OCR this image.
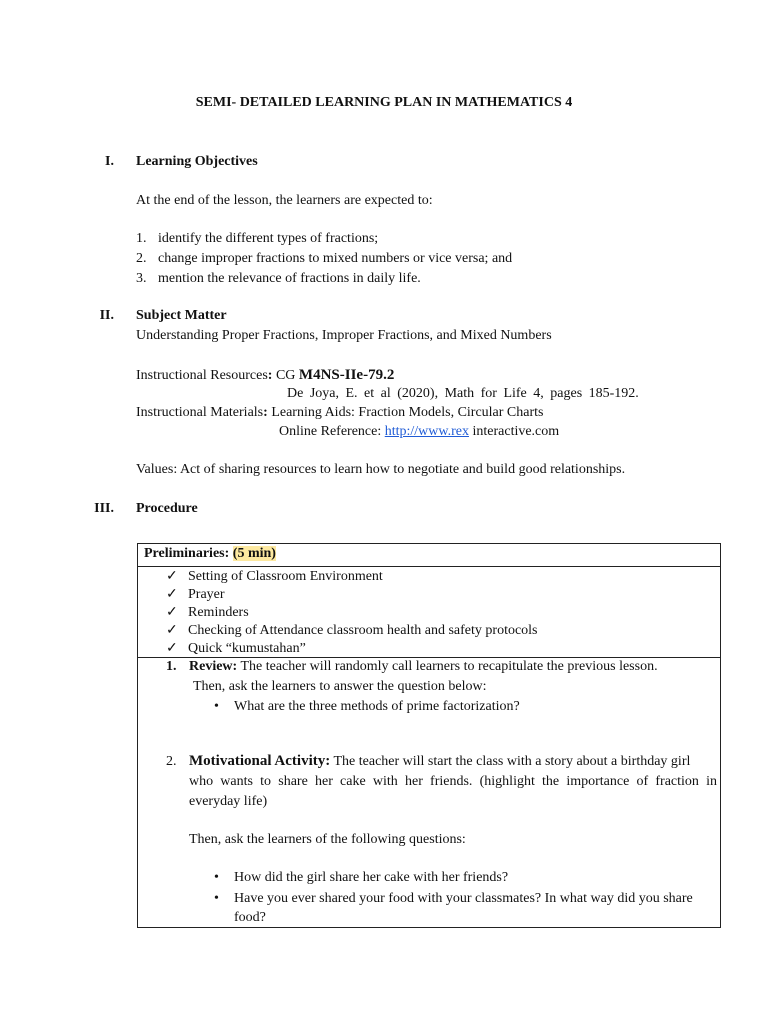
SEMI- DETAILED LEARNING PLAN IN MATHEMATICS 4
I. Learning Objectives
At the end of the lesson, the learners are expected to:
1. identify the different types of fractions;
2. change improper fractions to mixed numbers or vice versa; and
3. mention the relevance of fractions in daily life.
II. Subject Matter
Understanding Proper Fractions, Improper Fractions, and Mixed Numbers
Instructional Resources: CG M4NS-IIe-79.2
De Joya, E. et al (2020), Math for Life 4, pages 185-192.
Instructional Materials: Learning Aids: Fraction Models, Circular Charts
Online Reference: http://www.rex interactive.com
Values: Act of sharing resources to learn how to negotiate and build good relationships.
III. Procedure
Preliminaries: (5 min)
✓ Setting of Classroom Environment
✓ Prayer
✓ Reminders
✓ Checking of Attendance classroom health and safety protocols
✓ Quick “kumustahan”
1. Review: The teacher will randomly call learners to recapitulate the previous lesson.
Then, ask the learners to answer the question below:
• What are the three methods of prime factorization?
2. Motivational Activity: The teacher will start the class with a story about a birthday girl
who wants to share her cake with her friends. (highlight the importance of fraction in
everyday life)
Then, ask the learners of the following questions:
• How did the girl share her cake with her friends?
• Have you ever shared your food with your classmates? In what way did you share
food?
